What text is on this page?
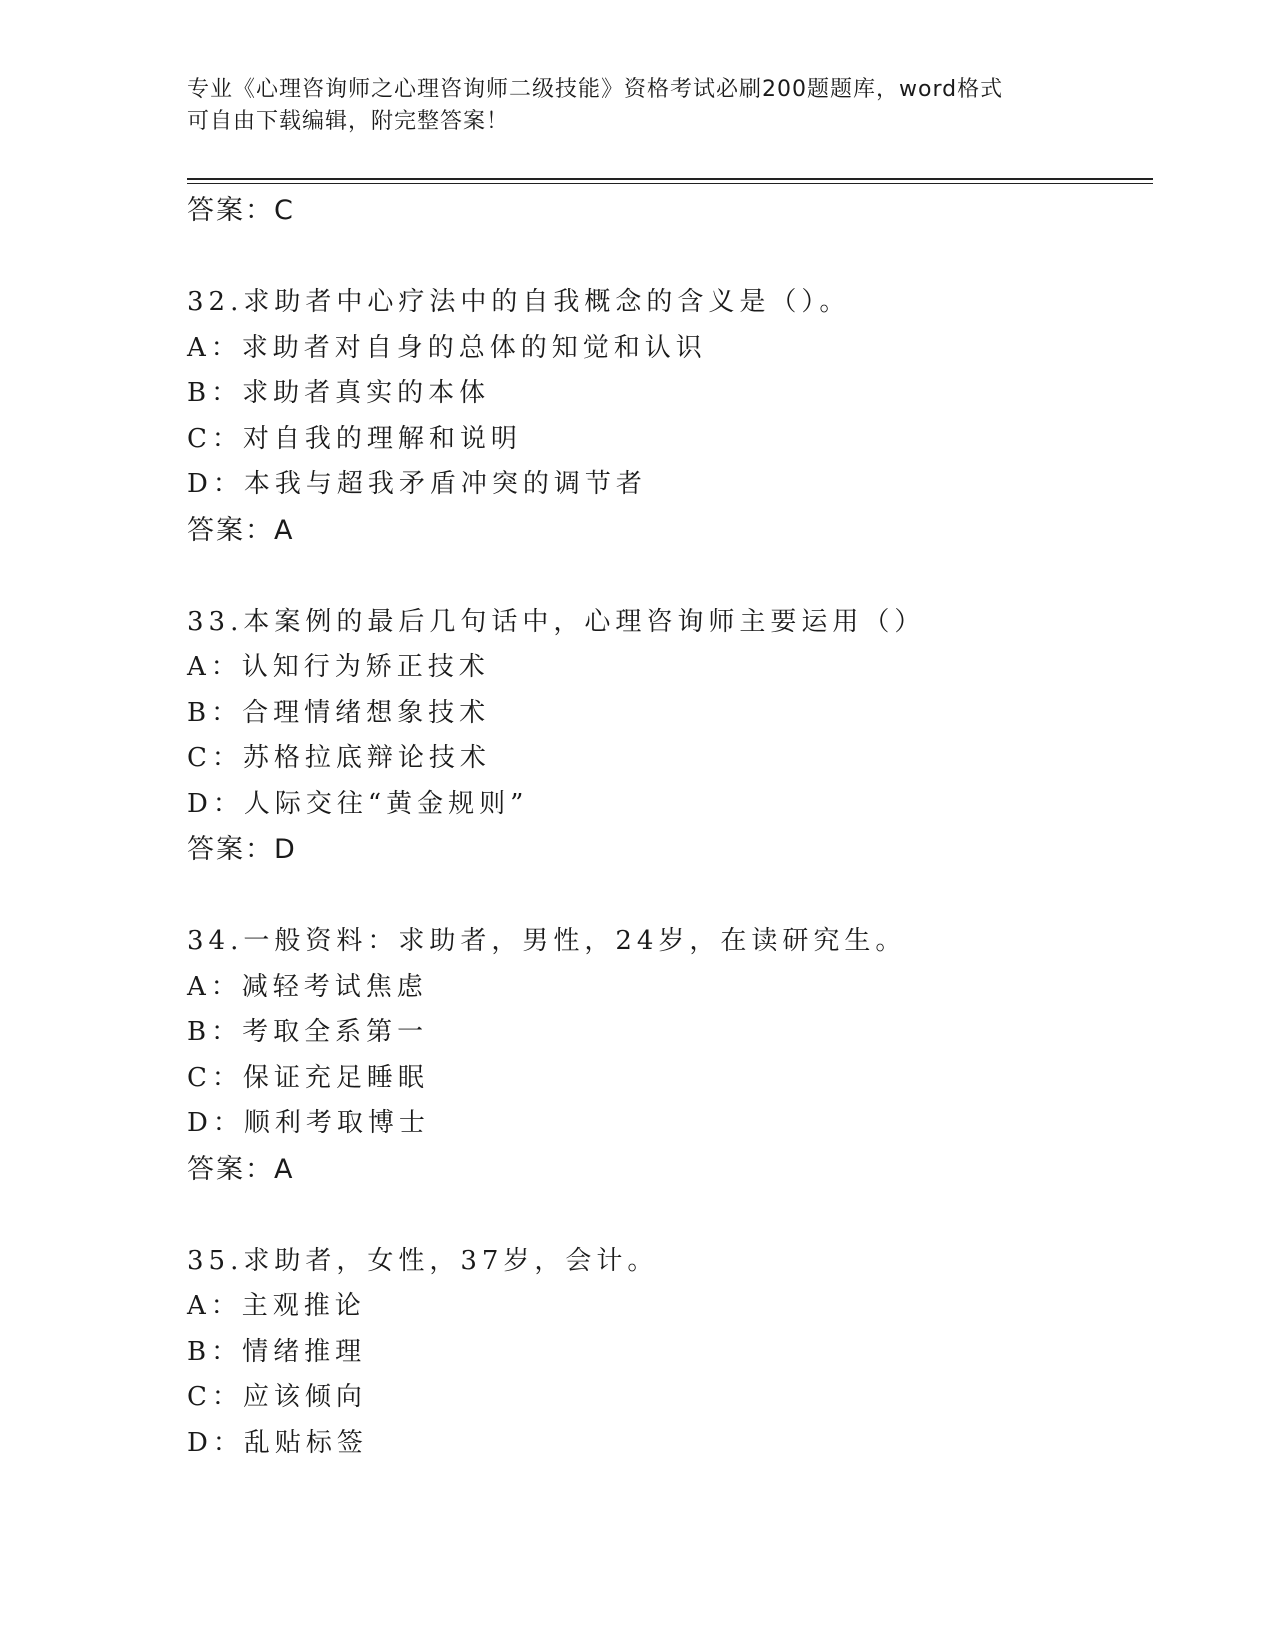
专业《心理咨询师之心理咨询师二级技能》资格考试必刷200题题库，word格式
可自由下载编辑，附完整答案！
答案：C
32.求助者中心疗法中的自我概念的含义是（）。
A：求助者对自身的总体的知觉和认识
B：求助者真实的本体
C：对自我的理解和说明
D：本我与超我矛盾冲突的调节者
答案：A
33.本案例的最后几句话中，心理咨询师主要运用（）
A：认知行为矫正技术
B：合理情绪想象技术
C：苏格拉底辩论技术
D：人际交往“黄金规则”
答案：D
34.一般资料：求助者，男性，24岁，在读研究生。
A：减轻考试焦虑
B：考取全系第一
C：保证充足睡眠
D：顺利考取博士
答案：A
35.求助者，女性，37岁，会计。
A：主观推论
B：情绪推理
C：应该倾向
D：乱贴标签
